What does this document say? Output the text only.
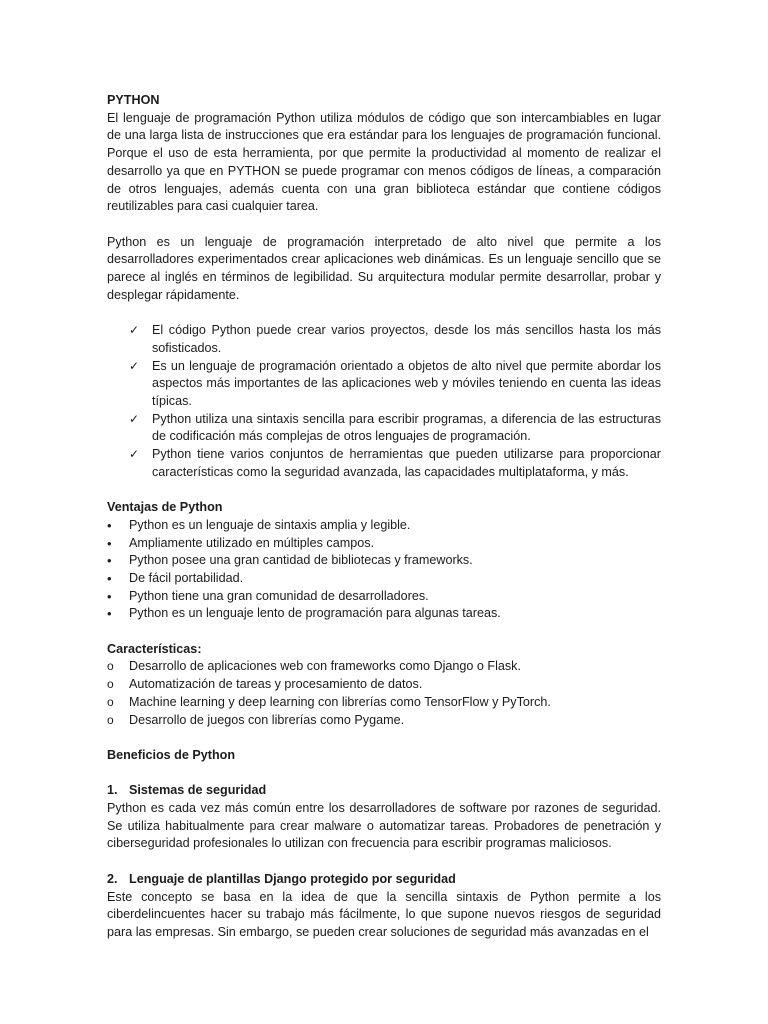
PYTHON

El lenguaje de programación Python utiliza módulos de código que son intercambiables en lugar de una larga lista de instrucciones que era estándar para los lenguajes de programación funcional. Porque el uso de esta herramienta, por que permite la productividad al momento de realizar el desarrollo ya que en PYTHON se puede programar con menos códigos de líneas, a comparación de otros lenguajes, además cuenta con una gran biblioteca estándar que contiene códigos reutilizables para casi cualquier tarea.

Python es un lenguaje de programación interpretado de alto nivel que permite a los desarrolladores experimentados crear aplicaciones web dinámicas. Es un lenguaje sencillo que se parece al inglés en términos de legibilidad. Su arquitectura modular permite desarrollar, probar y desplegar rápidamente.

✓ El código Python puede crear varios proyectos, desde los más sencillos hasta los más sofisticados.
✓ Es un lenguaje de programación orientado a objetos de alto nivel que permite abordar los aspectos más importantes de las aplicaciones web y móviles teniendo en cuenta las ideas típicas.
✓ Python utiliza una sintaxis sencilla para escribir programas, a diferencia de las estructuras de codificación más complejas de otros lenguajes de programación.
✓ Python tiene varios conjuntos de herramientas que pueden utilizarse para proporcionar características como la seguridad avanzada, las capacidades multiplataforma, y más.
Ventajas de Python
• Python es un lenguaje de sintaxis amplia y legible.
• Ampliamente utilizado en múltiples campos.
• Python posee una gran cantidad de bibliotecas y frameworks.
• De fácil portabilidad.
• Python tiene una gran comunidad de desarrolladores.
• Python es un lenguaje lento de programación para algunas tareas.
Características:
o Desarrollo de aplicaciones web con frameworks como Django o Flask.
o Automatización de tareas y procesamiento de datos.
o Machine learning y deep learning con librerías como TensorFlow y PyTorch.
o Desarrollo de juegos con librerías como Pygame.
Beneficios de Python

1. Sistemas de seguridad

Python es cada vez más común entre los desarrolladores de software por razones de seguridad. Se utiliza habitualmente para crear malware o automatizar tareas. Probadores de penetración y ciberseguridad profesionales lo utilizan con frecuencia para escribir programas maliciosos.

2. Lenguaje de plantillas Django protegido por seguridad

Este concepto se basa en la idea de que la sencilla sintaxis de Python permite a los ciberdelincuentes hacer su trabajo más fácilmente, lo que supone nuevos riesgos de seguridad para las empresas. Sin embargo, se pueden crear soluciones de seguridad más avanzadas en el
